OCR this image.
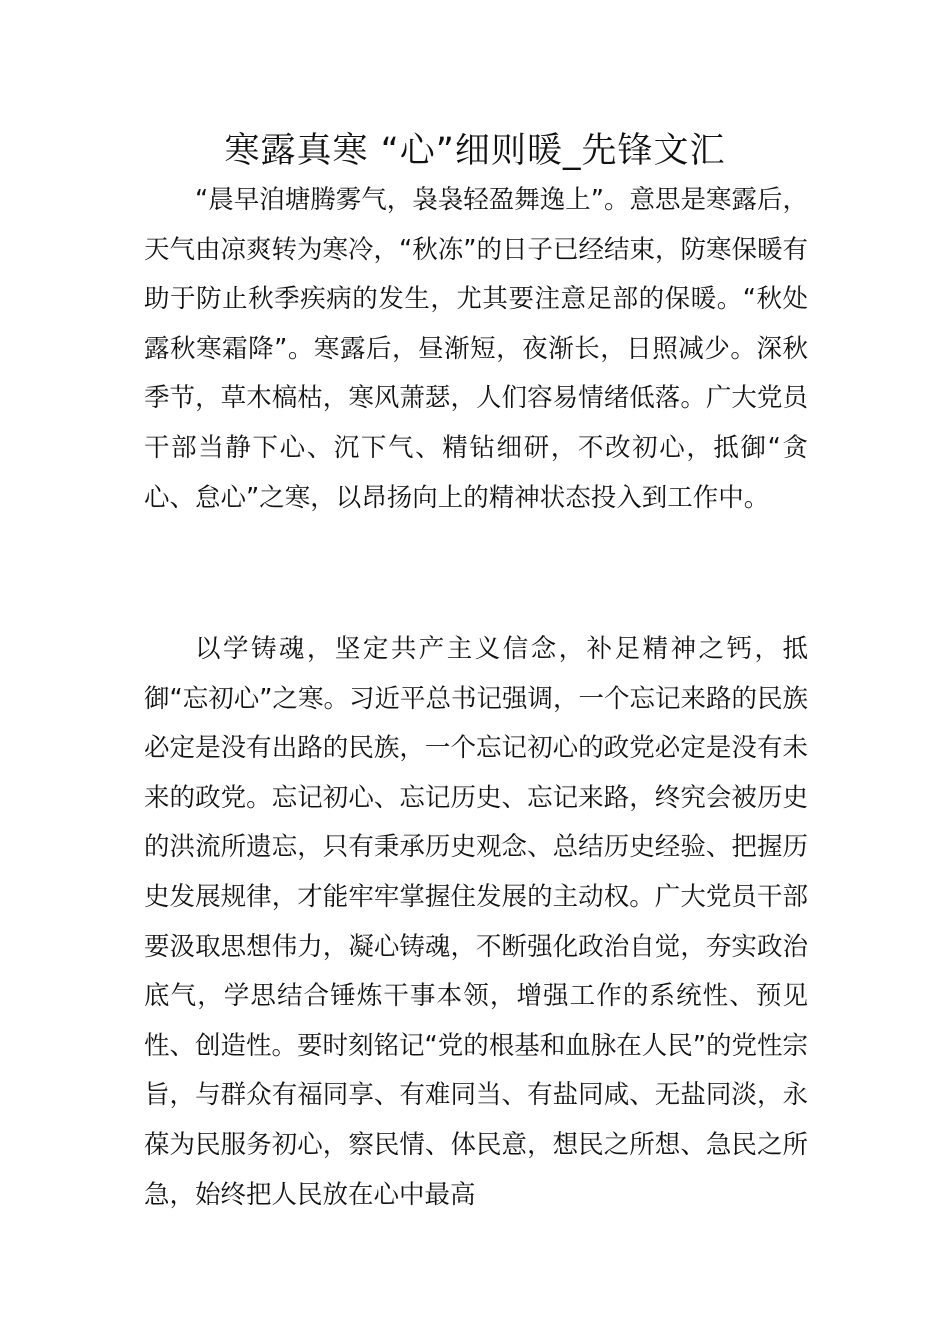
寒露真寒 “心”细则暖_先锋文汇

“晨早洎塘腾雾气，袅袅轻盈舞逸上”。意思是寒露后，天气由凉爽转为寒冷，“秋冻”的日子已经结束，防寒保暖有助于防止秋季疾病的发生，尤其要注意足部的保暖。“秋处露秋寒霜降”。寒露后，昼渐短，夜渐长，日照减少。深秋季节，草木槁枯，寒风萧瑟，人们容易情绪低落。广大党员干部当静下心、沉下气、精钻细研，不改初心，抵御“贪心、怠心”之寒，以昂扬向上的精神状态投入到工作中。

以学铸魂，坚定共产主义信念，补足精神之钙，抵御“忘初心”之寒。习近平总书记强调，一个忘记来路的民族必定是没有出路的民族，一个忘记初心的政党必定是没有未来的政党。忘记初心、忘记历史、忘记来路，终究会被历史的洪流所遗忘，只有秉承历史观念、总结历史经验、把握历史发展规律，才能牢牢掌握住发展的主动权。广大党员干部要汲取思想伟力，凝心铸魂，不断强化政治自觉，夯实政治底气，学思结合锤炼干事本领，增强工作的系统性、预见性、创造性。要时刻铭记“党的根基和血脉在人民”的党性宗旨，与群众有福同享、有难同当、有盐同咸、无盐同淡，永葆为民服务初心，察民情、体民意，想民之所想、急民之所急，始终把人民放在心中最高
